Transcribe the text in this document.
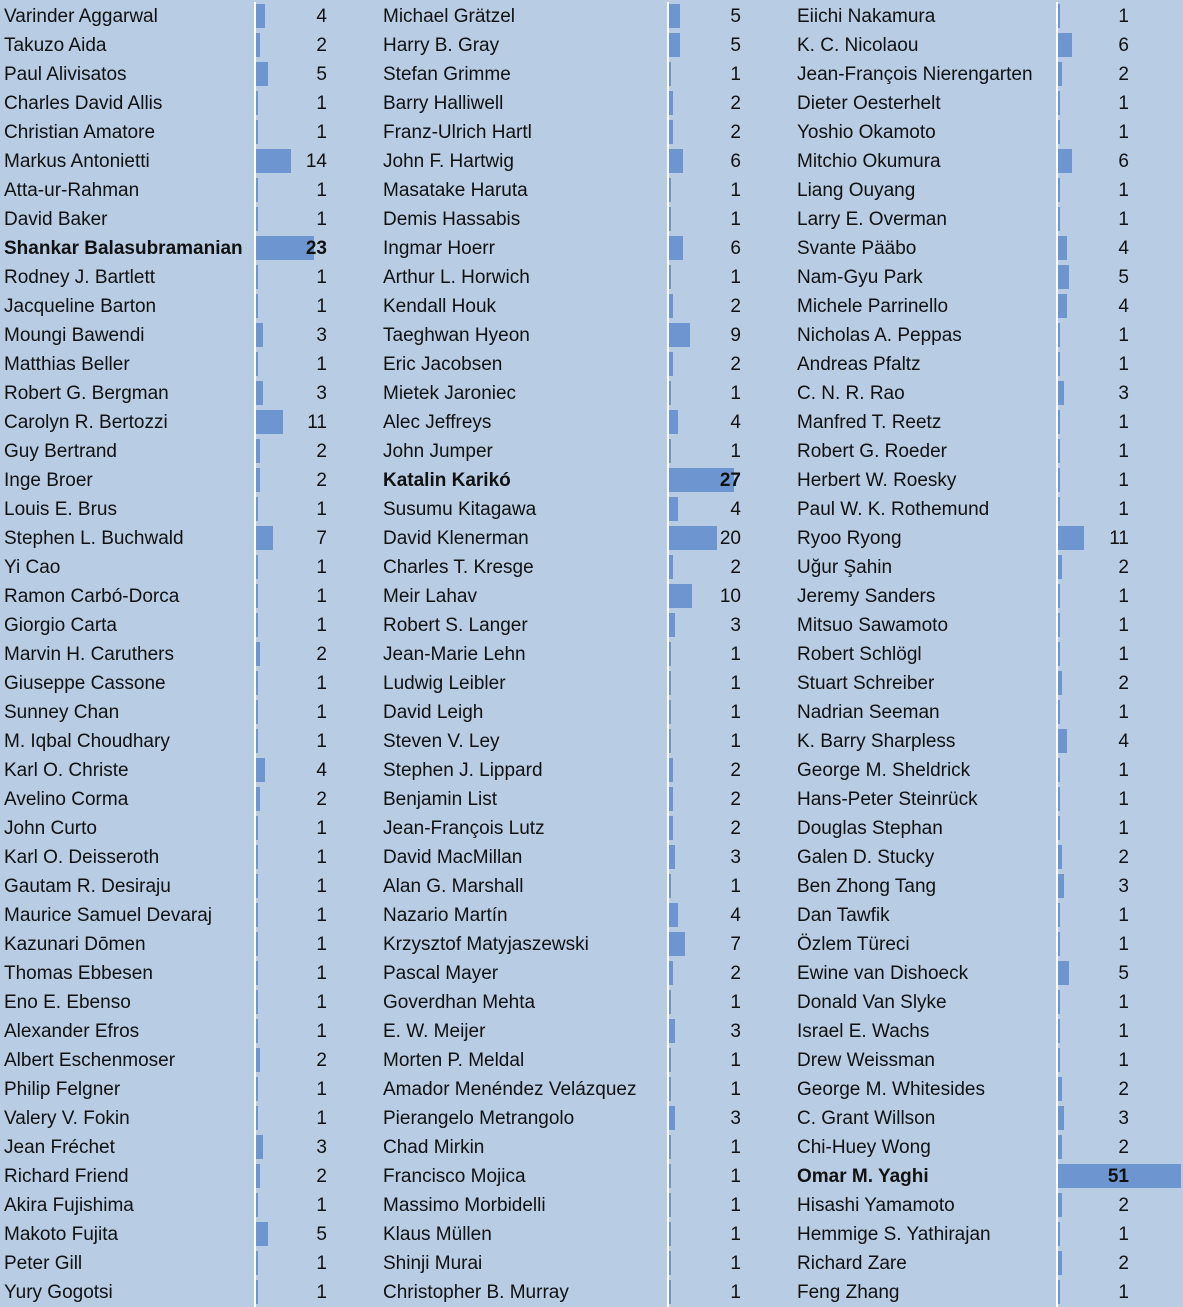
Varinder Aggarwal	4
Takuzo Aida	2
Paul Alivisatos	5
Charles David Allis	1
Christian Amatore	1
Markus Antonietti	14
Atta-ur-Rahman	1
David Baker	1
Shankar Balasubramanian	23
Rodney J. Bartlett	1
Jacqueline Barton	1
Moungi Bawendi	3
Matthias Beller	1
Robert G. Bergman	3
Carolyn R. Bertozzi	11
Guy Bertrand	2
Inge Broer	2
Louis E. Brus	1
Stephen L. Buchwald	7
Yi Cao	1
Ramon Carbó-Dorca	1
Giorgio Carta	1
Marvin H. Caruthers	2
Giuseppe Cassone	1
Sunney Chan	1
M. Iqbal Choudhary	1
Karl O. Christe	4
Avelino Corma	2
John Curto	1
Karl O. Deisseroth	1
Gautam R. Desiraju	1
Maurice Samuel Devaraj	1
Kazunari Dōmen	1
Thomas Ebbesen	1
Eno E. Ebenso	1
Alexander Efros	1
Albert Eschenmoser	2
Philip Felgner	1
Valery V. Fokin	1
Jean Fréchet	3
Richard Friend	2
Akira Fujishima	1
Makoto Fujita	5
Peter Gill	1
Yury Gogotsi	1
Michael Grätzel	5
Harry B. Gray	5
Stefan Grimme	1
Barry Halliwell	2
Franz-Ulrich Hartl	2
John F. Hartwig	6
Masatake Haruta	1
Demis Hassabis	1
Ingmar Hoerr	6
Arthur L. Horwich	1
Kendall Houk	2
Taeghwan Hyeon	9
Eric Jacobsen	2
Mietek Jaroniec	1
Alec Jeffreys	4
John Jumper	1
Katalin Karikó	27
Susumu Kitagawa	4
David Klenerman	20
Charles T. Kresge	2
Meir Lahav	10
Robert S. Langer	3
Jean-Marie Lehn	1
Ludwig Leibler	1
David Leigh	1
Steven V. Ley	1
Stephen J. Lippard	2
Benjamin List	2
Jean-François Lutz	2
David MacMillan	3
Alan G. Marshall	1
Nazario Martín	4
Krzysztof Matyjaszewski	7
Pascal Mayer	2
Goverdhan Mehta	1
E. W. Meijer	3
Morten P. Meldal	1
Amador Menéndez Velázquez	1
Pierangelo Metrangolo	3
Chad Mirkin	1
Francisco Mojica	1
Massimo Morbidelli	1
Klaus Müllen	1
Shinji Murai	1
Christopher B. Murray	1
Eiichi Nakamura	1
K. C. Nicolaou	6
Jean-François Nierengarten	2
Dieter Oesterhelt	1
Yoshio Okamoto	1
Mitchio Okumura	6
Liang Ouyang	1
Larry E. Overman	1
Svante Pääbo	4
Nam-Gyu Park	5
Michele Parrinello	4
Nicholas A. Peppas	1
Andreas Pfaltz	1
C. N. R. Rao	3
Manfred T. Reetz	1
Robert G. Roeder	1
Herbert W. Roesky	1
Paul W. K. Rothemund	1
Ryoo Ryong	11
Uğur Şahin	2
Jeremy Sanders	1
Mitsuo Sawamoto	1
Robert Schlögl	1
Stuart Schreiber	2
Nadrian Seeman	1
K. Barry Sharpless	4
George M. Sheldrick	1
Hans-Peter Steinrück	1
Douglas Stephan	1
Galen D. Stucky	2
Ben Zhong Tang	3
Dan Tawfik	1
Özlem Türeci	1
Ewine van Dishoeck	5
Donald Van Slyke	1
Israel E. Wachs	1
Drew Weissman	1
George M. Whitesides	2
C. Grant Willson	3
Chi-Huey Wong	2
Omar M. Yaghi	51
Hisashi Yamamoto	2
Hemmige S. Yathirajan	1
Richard Zare	2
Feng Zhang	1
